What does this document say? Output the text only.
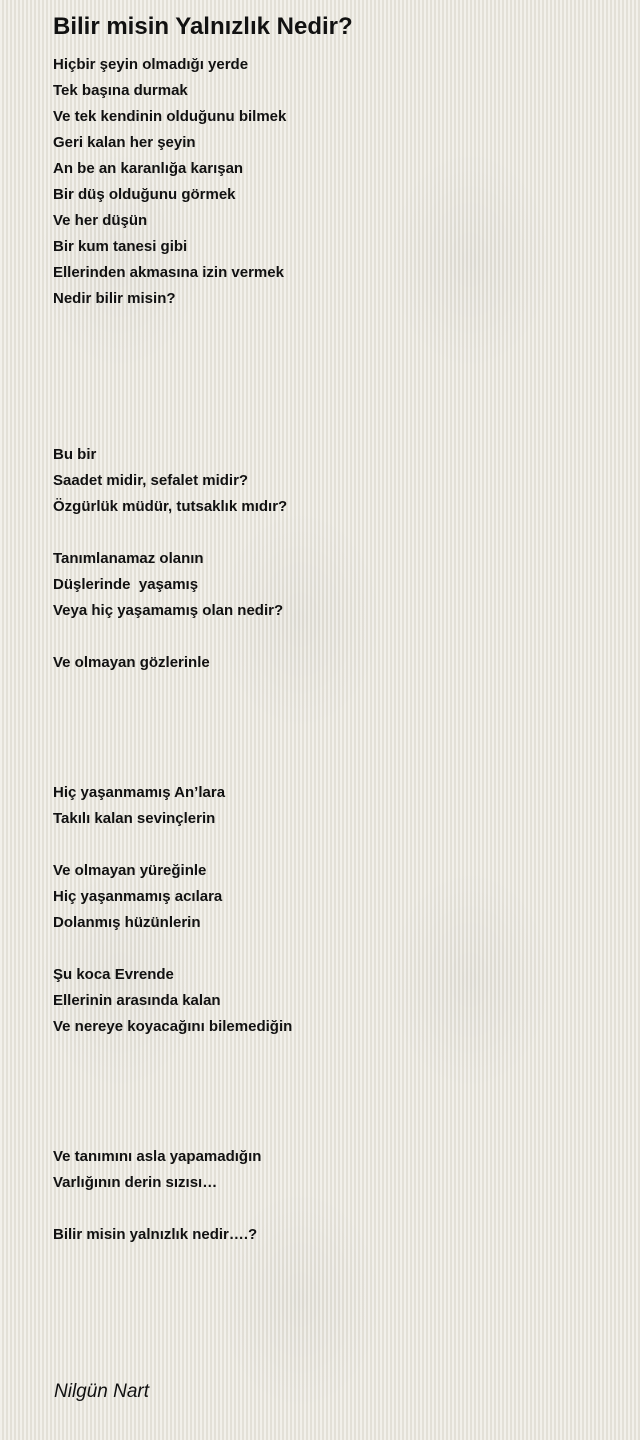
Bilir misin Yalnızlık Nedir?
Hiçbir şeyin olmadığı yerde
Tek başına durmak
Ve tek kendinin olduğunu bilmek
Geri kalan her şeyin
An be an karanlığa karışan
Bir düş olduğunu görmek
Ve her düşün
Bir kum tanesi gibi
Ellerinden akmasına izin vermek
Nedir bilir misin?
Bu bir
Saadet midir, sefalet midir?
Özgürlük müdür, tutsaklık mıdır?
Tanımlanamaz olanın
Düşlerinde  yaşamış
Veya hiç yaşamamış olan nedir?
Ve olmayan gözlerinle
Hiç yaşanmamış An’lara
Takılı kalan sevinçlerin
Ve olmayan yüreğinle
Hiç yaşanmamış acılara
Dolanmış hüzünlerin
Şu koca Evrende
Ellerinin arasında kalan
Ve nereye koyacağını bilemediğin
Ve tanımını asla yapamadığın
Varlığının derin sızısı…
Bilir misin yalnızlık nedir….?
Nilgün Nart
